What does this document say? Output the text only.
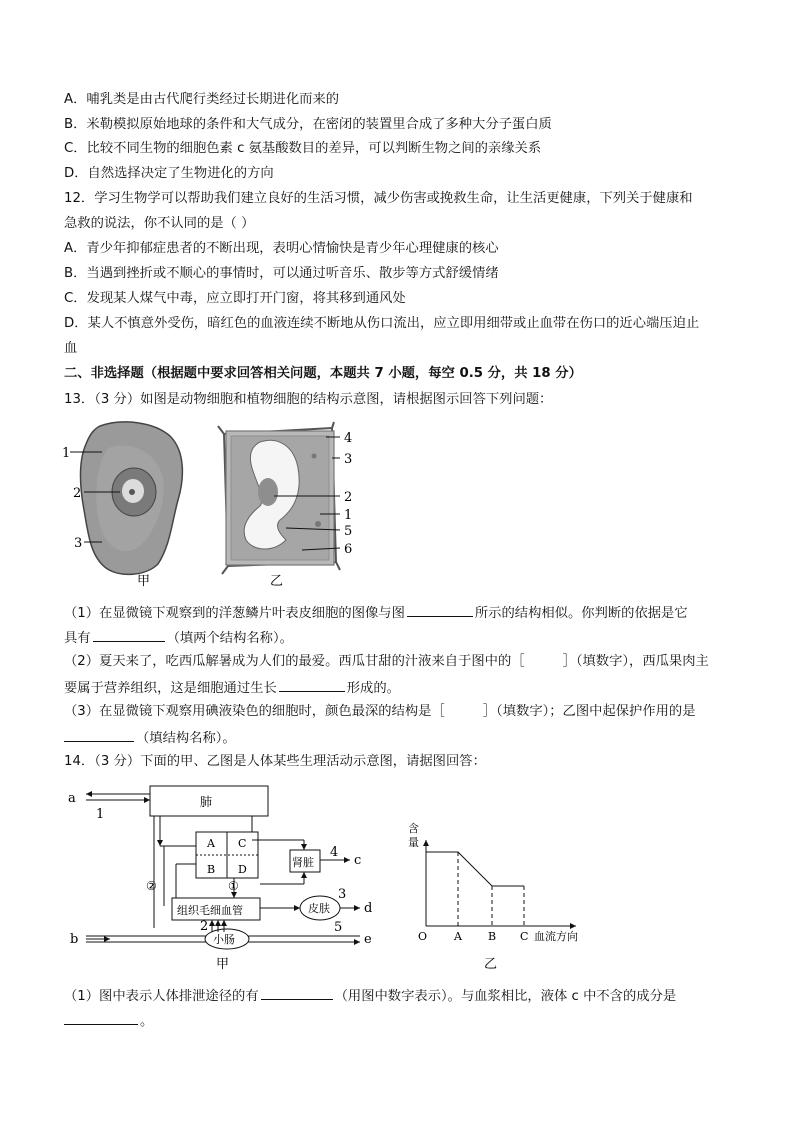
A．哺乳类是由古代爬行类经过长期进化而来的
B．米勒模拟原始地球的条件和大气成分，在密闭的装置里合成了多种大分子蛋白质
C．比较不同生物的细胞色素 c 氨基酸数目的差异，可以判断生物之间的亲缘关系
D．自然选择决定了生物进化的方向
12．学习生物学可以帮助我们建立良好的生活习惯，减少伤害或挽救生命，让生活更健康，下列关于健康和
急救的说法，你不认同的是（ ）
A．青少年抑郁症患者的不断出现，表明心情愉快是青少年心理健康的核心
B．当遇到挫折或不顺心的事情时，可以通过听音乐、散步等方式舒缓情绪
C．发现某人煤气中毒，应立即打开门窗，将其移到通风处
D．某人不慎意外受伤，暗红色的血液连续不断地从伤口流出，应立即用细带或止血带在伤口的近心端压迫止
血
二、非选择题（根据题中要求回答相关问题，本题共 7 小题，每空 0.5 分，共 18 分）
13．（3 分）如图是动物细胞和植物细胞的结构示意图，请根据图示回答下列问题：
1
2
3
甲
4
3
2
1
5
6
乙
（1）在显微镜下观察到的洋葱鳞片叶表皮细胞的图像与图	所示的结构相似。你判断的依据是它
具有	（填两个结构名称）。
（2）夏天来了，吃西瓜解暑成为人们的最爱。西瓜甘甜的汁液来自于图中的［	］（填数字），西瓜果肉主
要属于营养组织，这是细胞通过生长	形成的。
（3）在显微镜下观察用碘液染色的细胞时，颜色最深的结构是［	］（填数字）；乙图中起保护作用的是
（填结构名称）。
14．（3 分）下面的甲、乙图是人体某些生理活动示意图，请据图回答：
肺
a
1
A C
B D
②
肾脏
4
c
组织毛细血管
①
皮肤
3
d
小肠
b	e
5
2
甲
含
量
O A B C 血流方向
乙
（1）图中表示人体排泄途径的有	（用图中数字表示）。与血浆相比，液体 c 中不含的成分是
。
